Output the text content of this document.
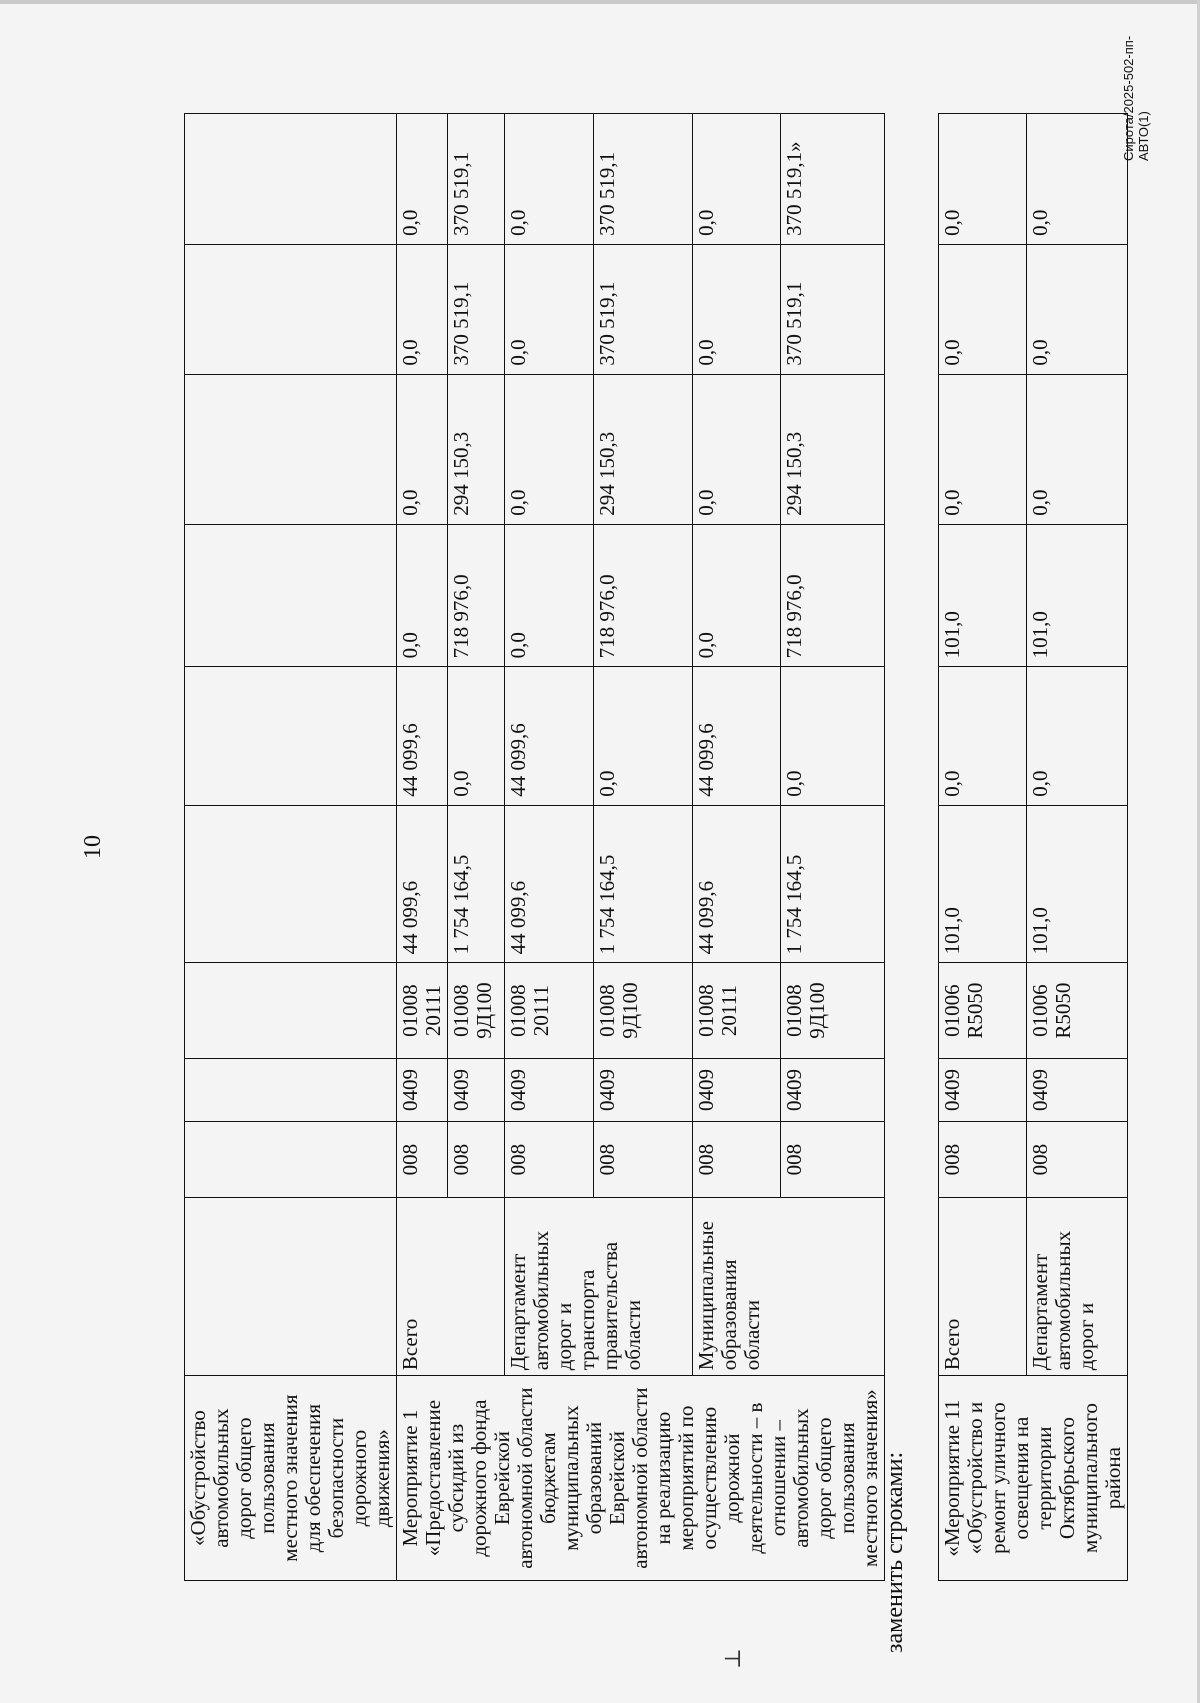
10
⊥
«Обустройство автомобильных дорог общего пользования местного значения для обеспечения безопасности дорожного движения»										
Мероприятие 1 «Предоставление субсидий из дорожного фонда Еврейской автономной области бюджетам муниципальных образований Еврейской автономной области на реализацию мероприятий по осуществлению дорожной деятельности – в отношении – автомобильных дорог общего пользования местного значения»	Всего	008	0409	01008 20111	44 099,6	44 099,6	0,0	0,0	0,0	0,0
		008	0409	01008 9Д100	1 754 164,5	0,0	718 976,0	294 150,3	370 519,1	370 519,1
	Департамент автомобильных дорог и транспорта правительства области	008	0409	01008 20111	44 099,6	44 099,6	0,0	0,0	0,0	0,0
		008	0409	01008 9Д100	1 754 164,5	0,0	718 976,0	294 150,3	370 519,1	370 519,1
	Муниципальные образования области	008	0409	01008 20111	44 099,6	44 099,6	0,0	0,0	0,0	0,0
		008	0409	01008 9Д100	1 754 164,5	0,0	718 976,0	294 150,3	370 519,1	370 519,1»
заменить строками: «Мероприятие 11 «Обустройство и ремонт уличного освещения на территории Октябрьского муниципального района	Всего	008	0409	01006 R5050	101,0	0,0	101,0	0,0	0,0	0,0
	Департамент автомобильных дорог и	008	0409	01006 R5050	101,0	0,0	101,0	0,0	0,0	0,0
Сирота/2025-502-пп-АВТО(1)
